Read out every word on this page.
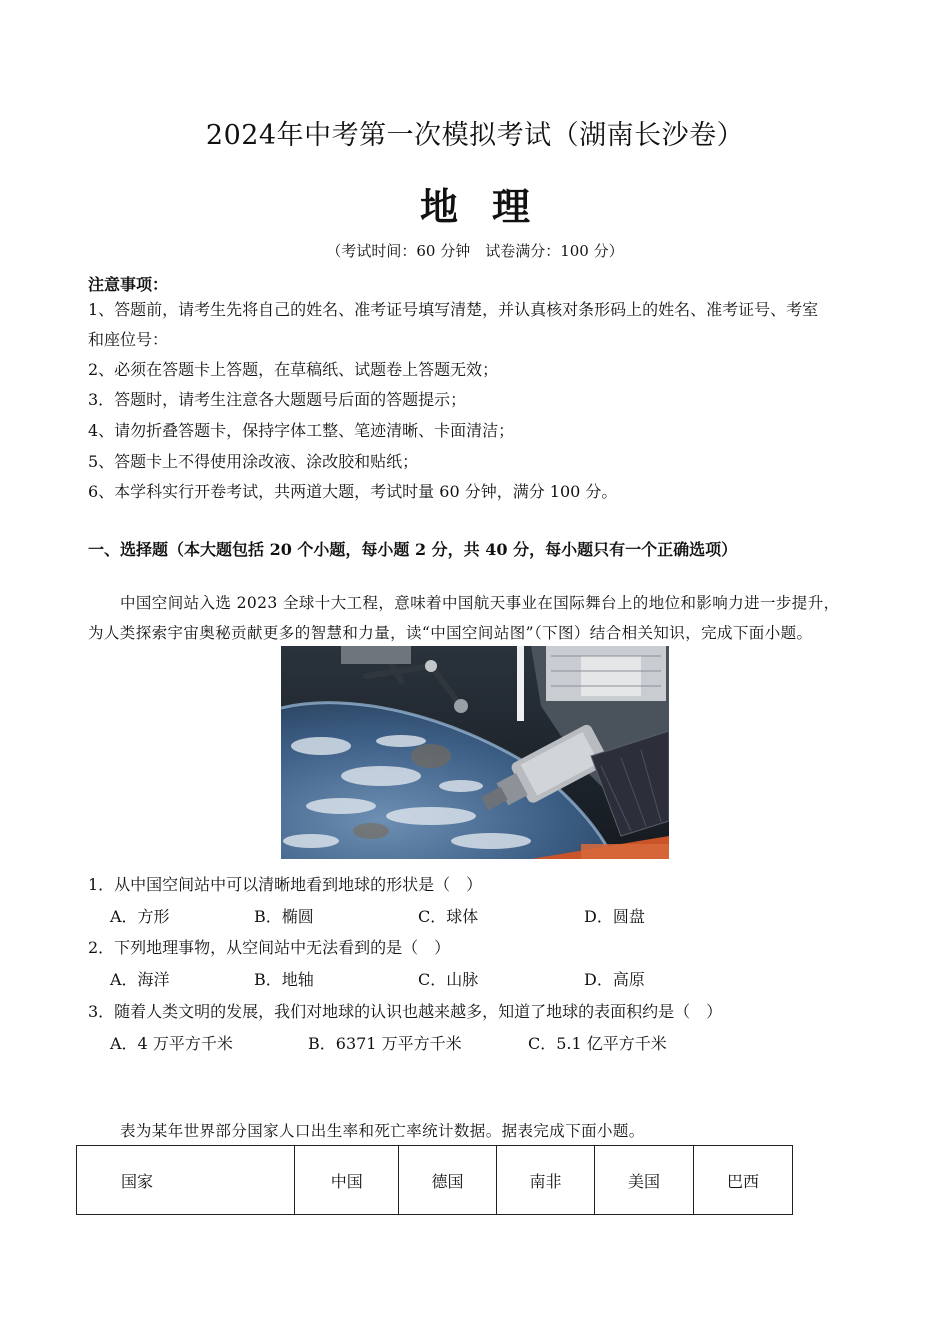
2024年中考第一次模拟考试（湖南长沙卷）
地理
（考试时间：60 分钟　试卷满分：100 分）
注意事项：
1、答题前，请考生先将自己的姓名、准考证号填写清楚，并认真核对条形码上的姓名、准考证号、考室
和座位号：
2、必须在答题卡上答题，在草稿纸、试题卷上答题无效；
3．答题时，请考生注意各大题题号后面的答题提示；
4、请勿折叠答题卡，保持字体工整、笔迹清晰、卡面清洁；
5、答题卡上不得使用涂改液、涂改胶和贴纸；
6、本学科实行开卷考试，共两道大题，考试时量 60 分钟，满分 100 分。
一、选择题（本大题包括 20 个小题，每小题 2 分，共 40 分，每小题只有一个正确选项）
中国空间站入选 2023 全球十大工程，意味着中国航天事业在国际舞台上的地位和影响力进一步提升，
为人类探索宇宙奥秘贡献更多的智慧和力量，读“中国空间站图”（下图）结合相关知识，完成下面小题。
1．从中国空间站中可以清晰地看到地球的形状是（　）
A．方形	B．椭圆	C．球体	D．圆盘
2．下列地理事物，从空间站中无法看到的是（　）
A．海洋	B．地轴	C．山脉	D．高原
3．随着人类文明的发展，我们对地球的认识也越来越多，知道了地球的表面积约是（　）
A．4 万平方千米	B．6371 万平方千米	C．5.1 亿平方千米
表为某年世界部分国家人口出生率和死亡率统计数据。据表完成下面小题。
国家	中国	德国	南非	美国	巴西
